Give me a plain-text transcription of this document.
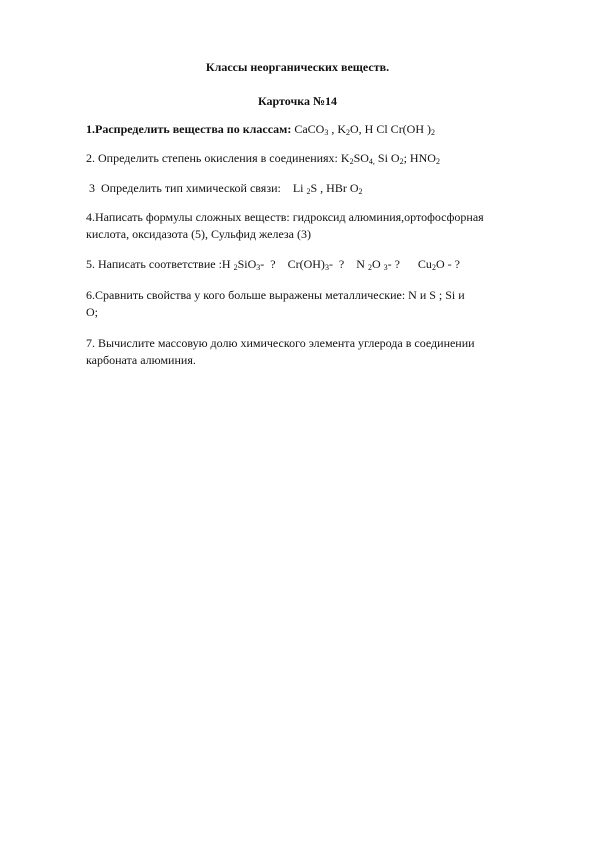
Классы неорганических веществ.
Карточка №14
1.Распределить вещества по классам: CaCO$_3$ , $K_2O$, H Cl Cr(OH )$_2$
2. Определить степень окисления в соединениях: $K_2SO_{4,}$ Si $O_2$; $HNO_2$
3  Определить тип химической связи:    Li $_2$S , HBr $O_2$
4.Написать формулы сложных веществ: гидроксид алюминия,ортофосфорная
кислота, оксидазота (5), Сульфид железа (3)
5. Написать соответствие :H $_2$SiO$_3$-  ?    $Cr(OH)_3-$  ?    N $_2$O $_3$- ?      $Cu_2O$ - ?
6.Сравнить свойства у кого больше выражены металлические: N и S ; Si и
O;
7. Вычислите массовую долю химического элемента углерода в соединении
карбоната алюминия.
